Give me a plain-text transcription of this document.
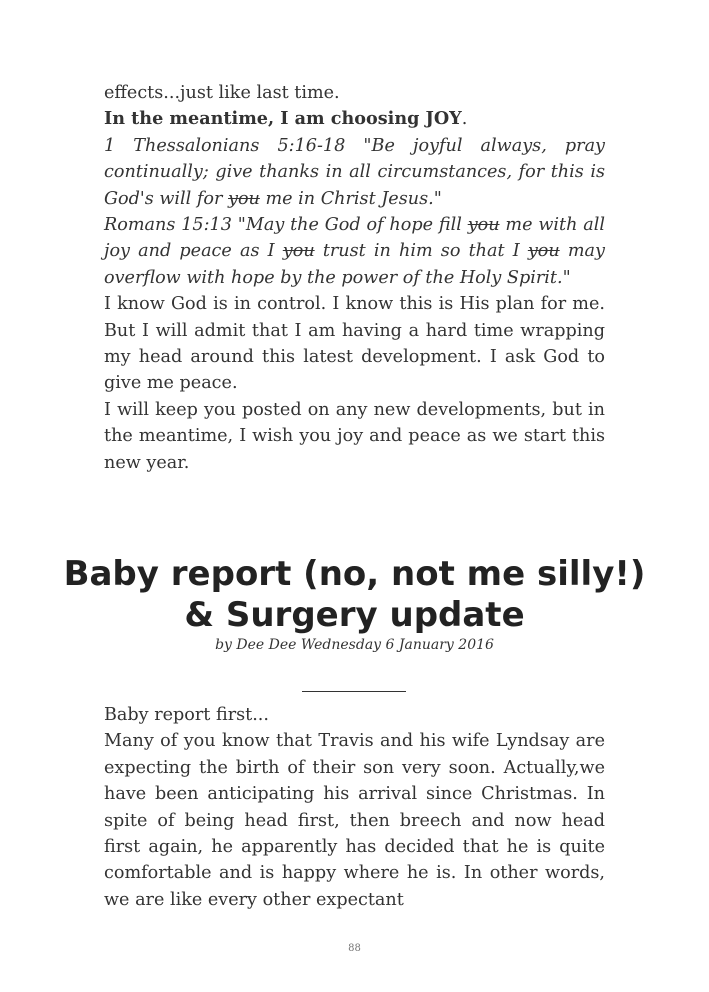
effects...just like last time.

In the meantime, I am choosing JOY.

1 Thessalonians 5:16-18 "Be joyful always, pray continually; give thanks in all circumstances, for this is God's will for you me in Christ Jesus."

Romans 15:13 "May the God of hope fill you me with all joy and peace as I you trust in him so that I you may overflow with hope by the power of the Holy Spirit."

I know God is in control. I know this is His plan for me. But I will admit that I am having a hard time wrapping my head around this latest development. I ask God to give me peace.

I will keep you posted on any new developments, but in the meantime, I wish you joy and peace as we start this new year.

Baby report (no, not me silly!)
& Surgery update
by Dee Dee Wednesday 6 January 2016

Baby report first...

Many of you know that Travis and his wife Lyndsay are expecting the birth of their son very soon. Actually,we have been anticipating his arrival since Christmas. In spite of being head first, then breech and now head first again, he apparently has decided that he is quite comfortable and is happy where he is. In other words, we are like every other expectant

88
